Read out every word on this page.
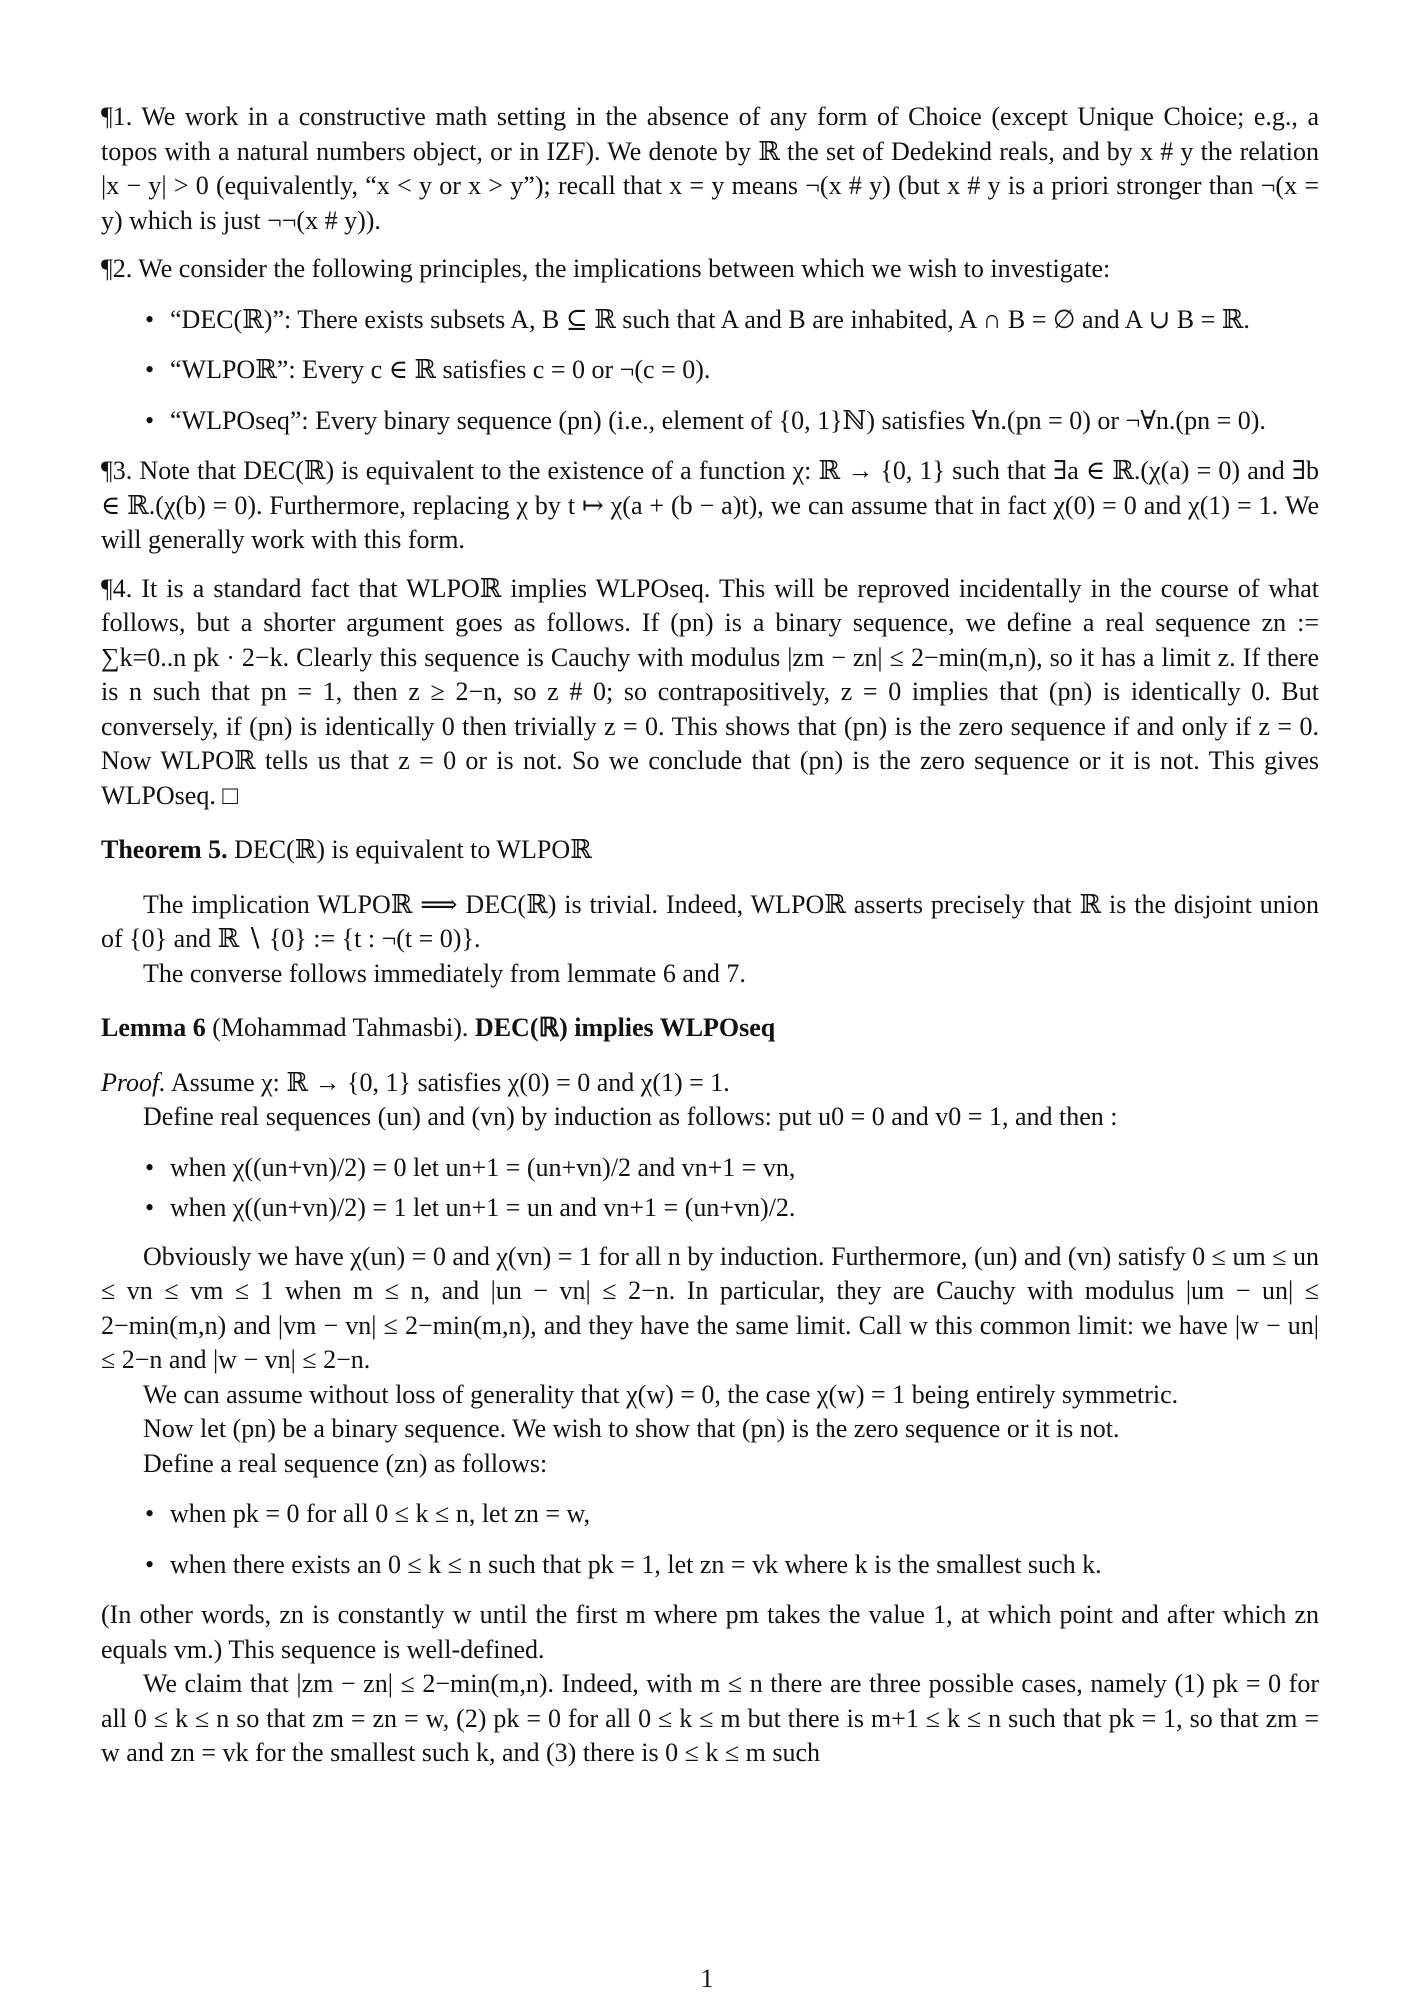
¶1. We work in a constructive math setting in the absence of any form of Choice (except Unique Choice; e.g., a topos with a natural numbers object, or in IZF). We denote by ℝ the set of Dedekind reals, and by x # y the relation |x − y| > 0 (equivalently, “x < y or x > y”); recall that x = y means ¬(x # y) (but x # y is a priori stronger than ¬(x = y) which is just ¬¬(x # y)).

¶2. We consider the following principles, the implications between which we wish to investigate:

• “DEC(ℝ)”: There exists subsets A, B ⊆ ℝ such that A and B are inhabited, A ∩ B = ∅ and A ∪ B = ℝ.
• “WLPOℝ”: Every c ∈ ℝ satisfies c = 0 or ¬(c = 0).
• “WLPOseq”: Every binary sequence (pn) (i.e., element of {0, 1}ℕ) satisfies ∀n.(pn = 0) or ¬∀n.(pn = 0).

¶3. Note that DEC(ℝ) is equivalent to the existence of a function χ: ℝ → {0, 1} such that ∃a ∈ ℝ.(χ(a) = 0) and ∃b ∈ ℝ.(χ(b) = 0). Furthermore, replacing χ by t ↦ χ(a + (b − a)t), we can assume that in fact χ(0) = 0 and χ(1) = 1. We will generally work with this form.

¶4. It is a standard fact that WLPOℝ implies WLPOseq. This will be reproved incidentally in the course of what follows, but a shorter argument goes as follows. If (pn) is a binary sequence, we define a real sequence zn := ∑k=0..n pk · 2−k. Clearly this sequence is Cauchy with modulus |zm − zn| ≤ 2−min(m,n), so it has a limit z. If there is n such that pn = 1, then z ≥ 2−n, so z # 0; so contrapositively, z = 0 implies that (pn) is identically 0. But conversely, if (pn) is identically 0 then trivially z = 0. This shows that (pn) is the zero sequence if and only if z = 0. Now WLPOℝ tells us that z = 0 or is not. So we conclude that (pn) is the zero sequence or it is not. This gives WLPOseq. □

Theorem 5. DEC(ℝ) is equivalent to WLPOℝ

The implication WLPOℝ ⟹ DEC(ℝ) is trivial. Indeed, WLPOℝ asserts precisely that ℝ is the disjoint union of {0} and ℝ ∖ {0} := {t : ¬(t = 0)}.

The converse follows immediately from lemmate 6 and 7.

Lemma 6 (Mohammad Tahmasbi). DEC(ℝ) implies WLPOseq

Proof. Assume χ: ℝ → {0, 1} satisfies χ(0) = 0 and χ(1) = 1.

Define real sequences (un) and (vn) by induction as follows: put u0 = 0 and v0 = 1, and then :

• when χ((un+vn)/2) = 0 let un+1 = (un+vn)/2 and vn+1 = vn,
• when χ((un+vn)/2) = 1 let un+1 = un and vn+1 = (un+vn)/2.

Obviously we have χ(un) = 0 and χ(vn) = 1 for all n by induction. Furthermore, (un) and (vn) satisfy 0 ≤ um ≤ un ≤ vn ≤ vm ≤ 1 when m ≤ n, and |un − vn| ≤ 2−n. In particular, they are Cauchy with modulus |um − un| ≤ 2−min(m,n) and |vm − vn| ≤ 2−min(m,n), and they have the same limit. Call w this common limit: we have |w − un| ≤ 2−n and |w − vn| ≤ 2−n.

We can assume without loss of generality that χ(w) = 0, the case χ(w) = 1 being entirely symmetric.

Now let (pn) be a binary sequence. We wish to show that (pn) is the zero sequence or it is not.

Define a real sequence (zn) as follows:

• when pk = 0 for all 0 ≤ k ≤ n, let zn = w,
• when there exists an 0 ≤ k ≤ n such that pk = 1, let zn = vk where k is the smallest such k.

(In other words, zn is constantly w until the first m where pm takes the value 1, at which point and after which zn equals vm.) This sequence is well-defined.

We claim that |zm − zn| ≤ 2−min(m,n). Indeed, with m ≤ n there are three possible cases, namely (1) pk = 0 for all 0 ≤ k ≤ n so that zm = zn = w, (2) pk = 0 for all 0 ≤ k ≤ m but there is m+1 ≤ k ≤ n such that pk = 1, so that zm = w and zn = vk for the smallest such k, and (3) there is 0 ≤ k ≤ m such

1
